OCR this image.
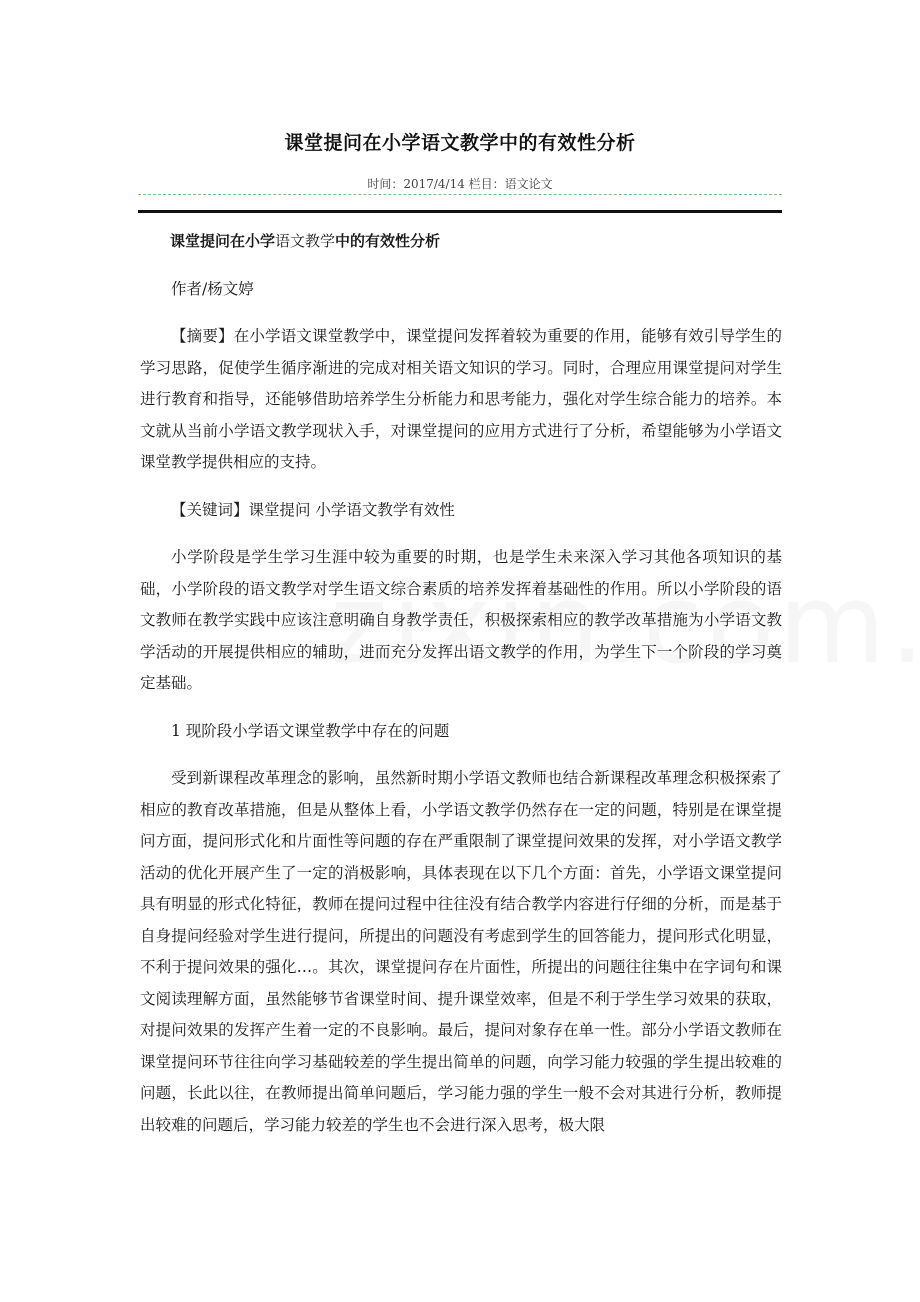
课堂提问在小学语文教学中的有效性分析
时间：2017/4/14 栏目：语文论文

课堂提问在小学语文教学中的有效性分析

作者/杨文婷

【摘要】在小学语文课堂教学中，课堂提问发挥着较为重要的作用，能够有效引导学生的学习思路，促使学生循序渐进的完成对相关语文知识的学习。同时，合理应用课堂提问对学生进行教育和指导，还能够借助培养学生分析能力和思考能力，强化对学生综合能力的培养。本文就从当前小学语文教学现状入手，对课堂提问的应用方式进行了分析，希望能够为小学语文课堂教学提供相应的支持。

【关键词】课堂提问 小学语文教学有效性

小学阶段是学生学习生涯中较为重要的时期，也是学生未来深入学习其他各项知识的基础，小学阶段的语文教学对学生语文综合素质的培养发挥着基础性的作用。所以小学阶段的语文教师在教学实践中应该注意明确自身教学责任，积极探索相应的教学改革措施为小学语文教学活动的开展提供相应的辅助，进而充分发挥出语文教学的作用，为学生下一个阶段的学习奠定基础。

1 现阶段小学语文课堂教学中存在的问题

受到新课程改革理念的影响，虽然新时期小学语文教师也结合新课程改革理念积极探索了相应的教育改革措施，但是从整体上看，小学语文教学仍然存在一定的问题，特别是在课堂提问方面，提问形式化和片面性等问题的存在严重限制了课堂提问效果的发挥，对小学语文教学活动的优化开展产生了一定的消极影响，具体表现在以下几个方面：首先，小学语文课堂提问具有明显的形式化特征，教师在提问过程中往往没有结合教学内容进行仔细的分析，而是基于自身提问经验对学生进行提问，所提出的问题没有考虑到学生的回答能力，提问形式化明显，不利于提问效果的强化…。其次，课堂提问存在片面性，所提出的问题往往集中在字词句和课文阅读理解方面，虽然能够节省课堂时间、提升课堂效率，但是不利于学生学习效果的获取，对提问效果的发挥产生着一定的不良影响。最后，提问对象存在单一性。部分小学语文教师在课堂提问环节往往向学习基础较差的学生提出简单的问题，向学习能力较强的学生提出较难的问题，长此以往，在教师提出简单问题后，学习能力强的学生一般不会对其进行分析，教师提出较难的问题后，学习能力较差的学生也不会进行深入思考，极大限
